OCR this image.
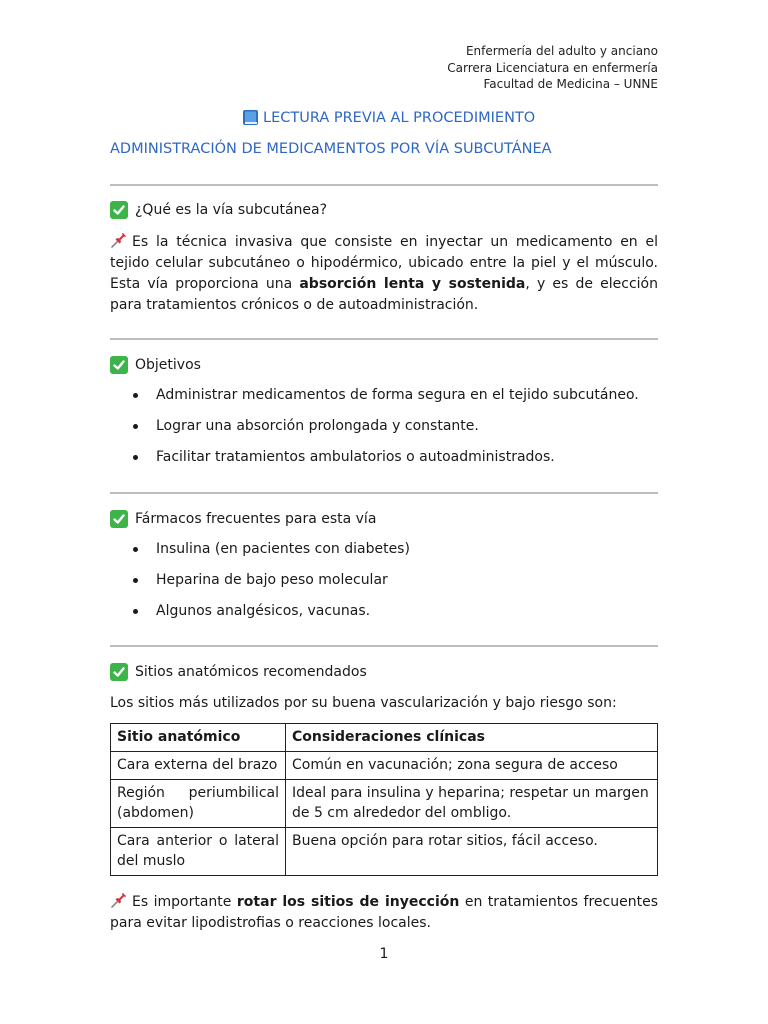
Enfermería del adulto y anciano
Carrera Licenciatura en enfermería
Facultad de Medicina – UNNE
LECTURA PREVIA AL PROCEDIMIENTO
ADMINISTRACIÓN DE MEDICAMENTOS POR VÍA SUBCUTÁNEA
¿Qué es la vía subcutánea?
Es la técnica invasiva que consiste en inyectar un medicamento en el tejido celular subcutáneo o hipodérmico, ubicado entre la piel y el músculo. Esta vía proporciona una absorción lenta y sostenida, y es de elección para tratamientos crónicos o de autoadministración.
Objetivos
Administrar medicamentos de forma segura en el tejido subcutáneo.
Lograr una absorción prolongada y constante.
Facilitar tratamientos ambulatorios o autoadministrados.
Fármacos frecuentes para esta vía
Insulina (en pacientes con diabetes)
Heparina de bajo peso molecular
Algunos analgésicos, vacunas.
Sitios anatómicos recomendados
Los sitios más utilizados por su buena vascularización y bajo riesgo son:
Sitio anatómico	Consideraciones clínicas
Cara externa del brazo	Común en vacunación; zona segura de acceso
Región periumbilical (abdomen)	Ideal para insulina y heparina; respetar un margen de 5 cm alrededor del ombligo.
Cara anterior o lateral del muslo	Buena opción para rotar sitios, fácil acceso.
Es importante rotar los sitios de inyección en tratamientos frecuentes para evitar lipodistrofias o reacciones locales.
1
